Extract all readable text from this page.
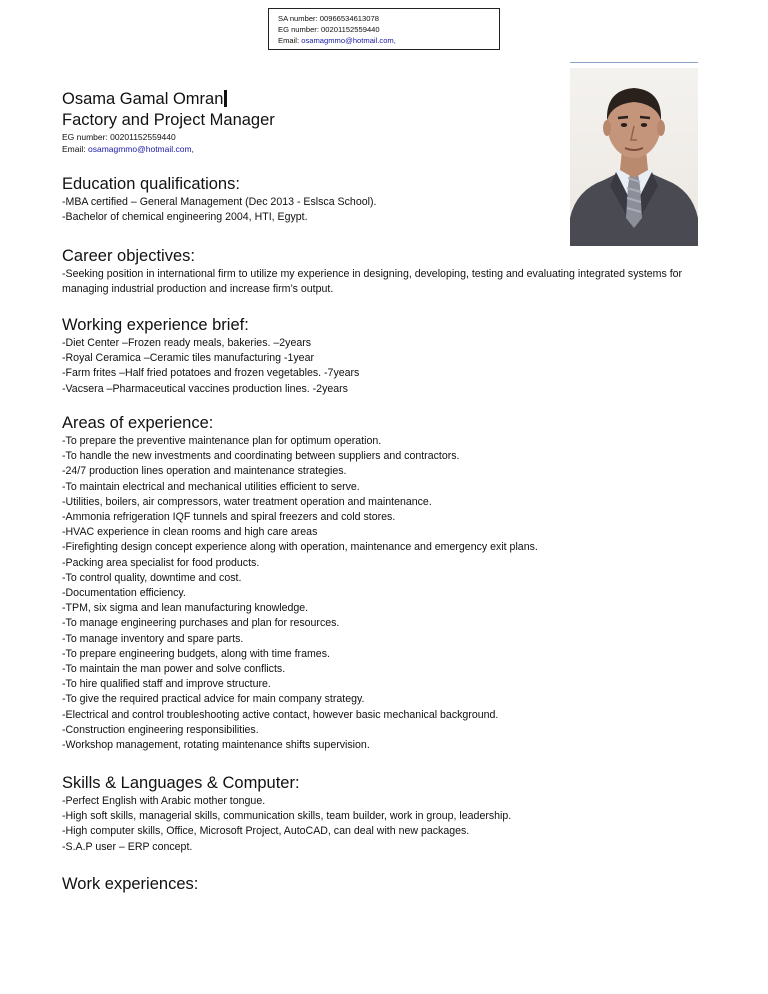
SA number: 00966534613078
EG number: 00201152559440
Email: osamagmmo@hotmail.com,
Osama Gamal Omran
Factory and Project Manager
EG number: 00201152559440
Email: osamagmmo@hotmail.com,
Education qualifications:
-MBA certified – General Management (Dec 2013 - Eslsca School).
-Bachelor of chemical engineering 2004, HTI, Egypt.
Career objectives:
-Seeking position in international firm to utilize my experience in designing, developing, testing and evaluating integrated systems for managing industrial production and increase firm’s output.
Working experience brief:
-Diet Center –Frozen ready meals, bakeries. –2years
-Royal Ceramica –Ceramic tiles manufacturing -1year
-Farm frites –Half fried potatoes and frozen vegetables. -7years
-Vacsera –Pharmaceutical vaccines production lines. -2years
Areas of experience:
-To prepare the preventive maintenance plan for optimum operation.
-To handle the new investments and coordinating between suppliers and contractors.
-24/7 production lines operation and maintenance strategies.
-To maintain electrical and mechanical utilities efficient to serve.
-Utilities, boilers, air compressors, water treatment operation and maintenance.
-Ammonia refrigeration IQF tunnels and spiral freezers and cold stores.
-HVAC experience in clean rooms and high care areas
-Firefighting design concept experience along with operation, maintenance and emergency exit plans.
-Packing area specialist for food products.
-To control quality, downtime and cost.
-Documentation efficiency.
-TPM, six sigma and lean manufacturing knowledge.
-To manage engineering purchases and plan for resources.
-To manage inventory and spare parts.
-To prepare engineering budgets, along with time frames.
-To maintain the man power and solve conflicts.
-To hire qualified staff and improve structure.
-To give the required practical advice for main company strategy.
-Electrical and control troubleshooting active contact, however basic mechanical background.
-Construction engineering responsibilities.
-Workshop management, rotating maintenance shifts supervision.
Skills & Languages & Computer:
-Perfect English with Arabic mother tongue.
-High soft skills, managerial skills, communication skills, team builder, work in group, leadership.
-High computer skills, Office, Microsoft Project, AutoCAD, can deal with new packages.
-S.A.P user – ERP concept.
Work experiences:
